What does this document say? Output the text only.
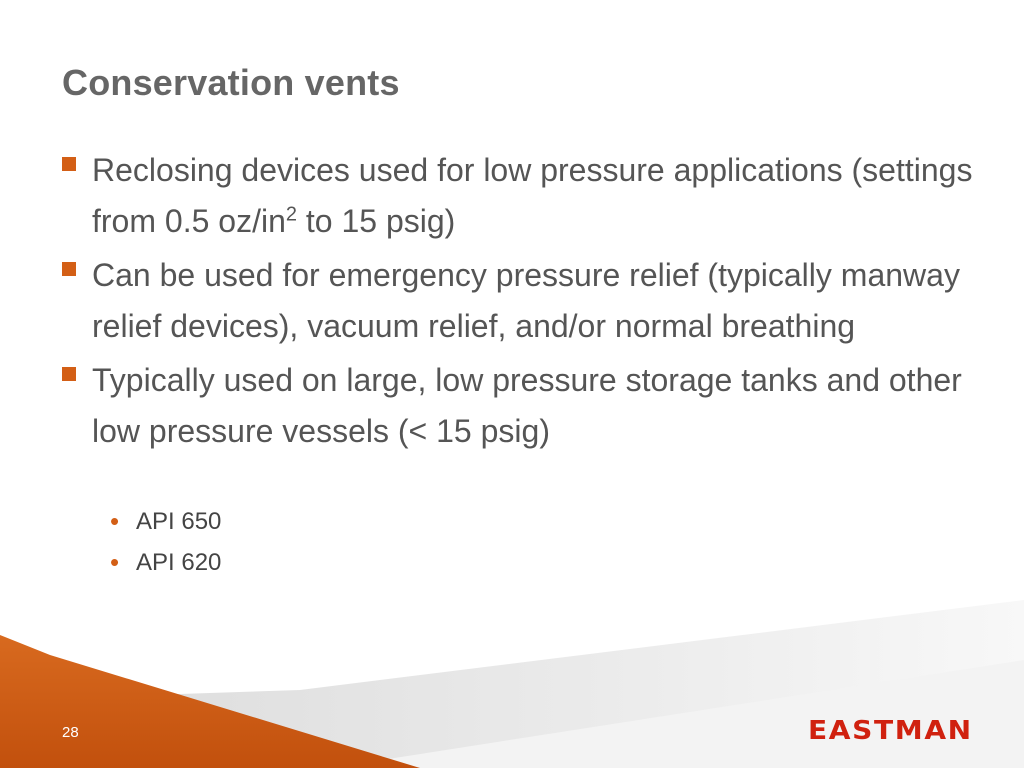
Conservation vents
Reclosing devices used for low pressure applications (settings from 0.5 $oz/in^2$ to 15 psig)
Can be used for emergency pressure relief (typically manway relief devices), vacuum relief, and/or normal breathing
Typically used on large, low pressure storage tanks and other low pressure vessels (< 15 psig)
• API 650
• API 620
28	EASTMAN
